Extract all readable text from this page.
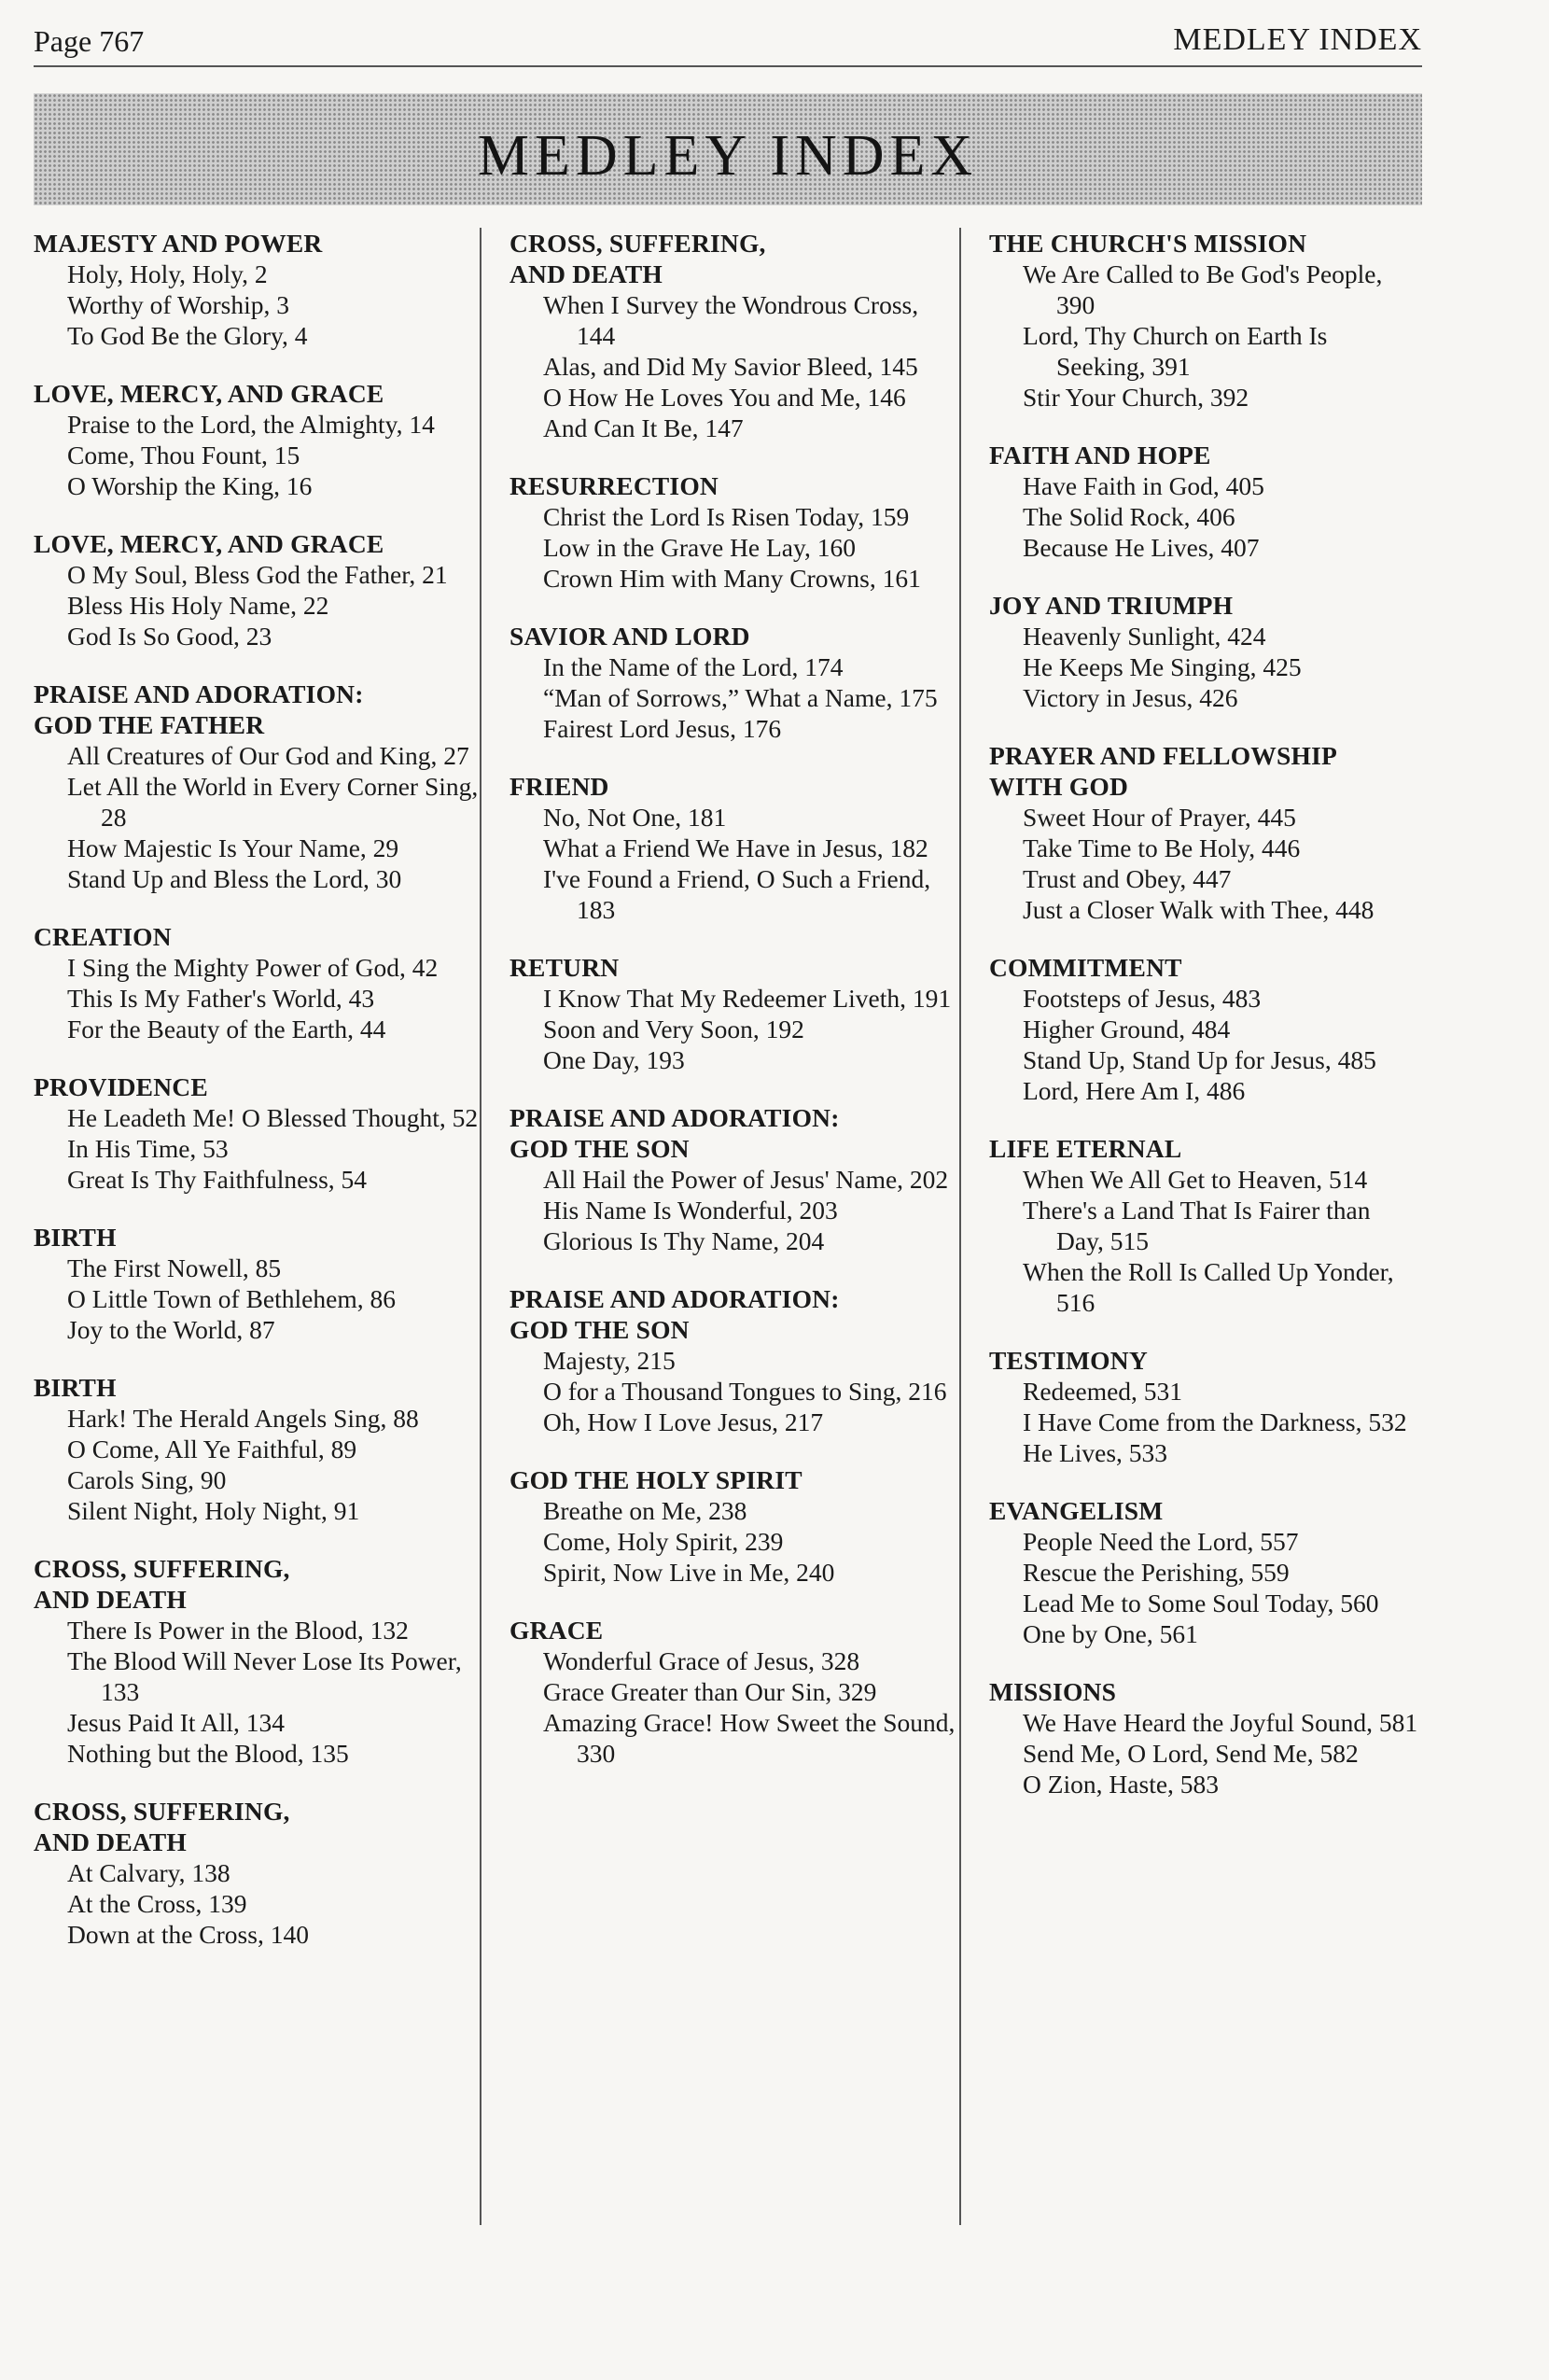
Page 767	MEDLEY INDEX
MEDLEY INDEX
MAJESTY AND POWER
Holy, Holy, Holy, 2
Worthy of Worship, 3
To God Be the Glory, 4
LOVE, MERCY, AND GRACE
Praise to the Lord, the Almighty, 14
Come, Thou Fount, 15
O Worship the King, 16
LOVE, MERCY, AND GRACE
O My Soul, Bless God the Father, 21
Bless His Holy Name, 22
God Is So Good, 23
PRAISE AND ADORATION:
GOD THE FATHER
All Creatures of Our God and King, 27
Let All the World in Every Corner Sing, 28
How Majestic Is Your Name, 29
Stand Up and Bless the Lord, 30
CREATION
I Sing the Mighty Power of God, 42
This Is My Father's World, 43
For the Beauty of the Earth, 44
PROVIDENCE
He Leadeth Me! O Blessed Thought, 52
In His Time, 53
Great Is Thy Faithfulness, 54
BIRTH
The First Nowell, 85
O Little Town of Bethlehem, 86
Joy to the World, 87
BIRTH
Hark! The Herald Angels Sing, 88
O Come, All Ye Faithful, 89
Carols Sing, 90
Silent Night, Holy Night, 91
CROSS, SUFFERING,
AND DEATH
There Is Power in the Blood, 132
The Blood Will Never Lose Its Power, 133
Jesus Paid It All, 134
Nothing but the Blood, 135
CROSS, SUFFERING,
AND DEATH
At Calvary, 138
At the Cross, 139
Down at the Cross, 140
CROSS, SUFFERING,
AND DEATH
When I Survey the Wondrous Cross, 144
Alas, and Did My Savior Bleed, 145
O How He Loves You and Me, 146
And Can It Be, 147
RESURRECTION
Christ the Lord Is Risen Today, 159
Low in the Grave He Lay, 160
Crown Him with Many Crowns, 161
SAVIOR AND LORD
In the Name of the Lord, 174
“Man of Sorrows,” What a Name, 175
Fairest Lord Jesus, 176
FRIEND
No, Not One, 181
What a Friend We Have in Jesus, 182
I've Found a Friend, O Such a Friend, 183
RETURN
I Know That My Redeemer Liveth, 191
Soon and Very Soon, 192
One Day, 193
PRAISE AND ADORATION:
GOD THE SON
All Hail the Power of Jesus' Name, 202
His Name Is Wonderful, 203
Glorious Is Thy Name, 204
PRAISE AND ADORATION:
GOD THE SON
Majesty, 215
O for a Thousand Tongues to Sing, 216
Oh, How I Love Jesus, 217
GOD THE HOLY SPIRIT
Breathe on Me, 238
Come, Holy Spirit, 239
Spirit, Now Live in Me, 240
GRACE
Wonderful Grace of Jesus, 328
Grace Greater than Our Sin, 329
Amazing Grace! How Sweet the Sound, 330
THE CHURCH'S MISSION
We Are Called to Be God's People, 390
Lord, Thy Church on Earth Is Seeking, 391
Stir Your Church, 392
FAITH AND HOPE
Have Faith in God, 405
The Solid Rock, 406
Because He Lives, 407
JOY AND TRIUMPH
Heavenly Sunlight, 424
He Keeps Me Singing, 425
Victory in Jesus, 426
PRAYER AND FELLOWSHIP
WITH GOD
Sweet Hour of Prayer, 445
Take Time to Be Holy, 446
Trust and Obey, 447
Just a Closer Walk with Thee, 448
COMMITMENT
Footsteps of Jesus, 483
Higher Ground, 484
Stand Up, Stand Up for Jesus, 485
Lord, Here Am I, 486
LIFE ETERNAL
When We All Get to Heaven, 514
There's a Land That Is Fairer than Day, 515
When the Roll Is Called Up Yonder, 516
TESTIMONY
Redeemed, 531
I Have Come from the Darkness, 532
He Lives, 533
EVANGELISM
People Need the Lord, 557
Rescue the Perishing, 559
Lead Me to Some Soul Today, 560
One by One, 561
MISSIONS
We Have Heard the Joyful Sound, 581
Send Me, O Lord, Send Me, 582
O Zion, Haste, 583
